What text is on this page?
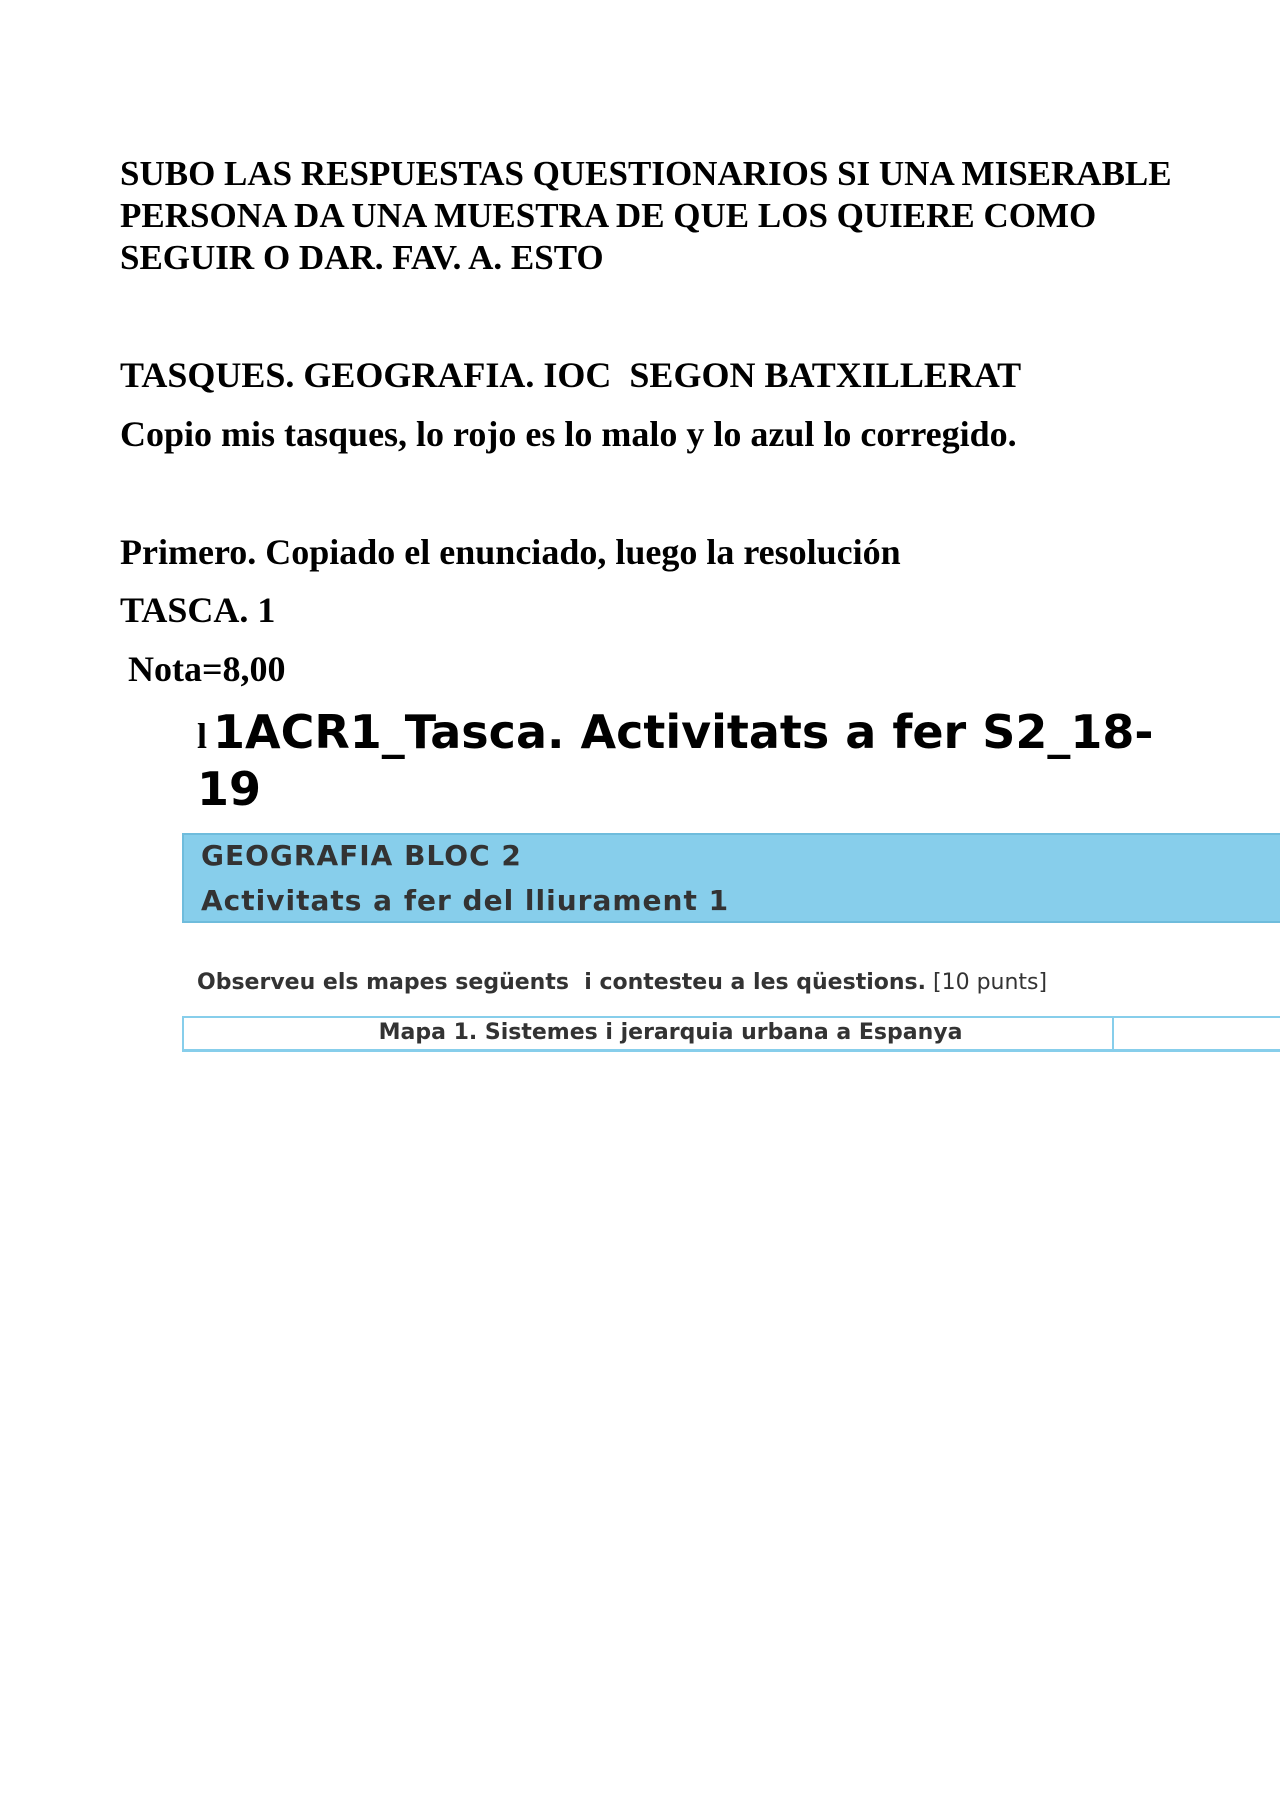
SUBO LAS RESPUESTAS QUESTIONARIOS SI UNA MISERABLE PERSONA DA UNA MUESTRA DE QUE LOS QUIERE COMO SEGUIR O DAR. FAV. A. ESTO

TASQUES. GEOGRAFIA. IOC  SEGON BATXILLERAT

Copio mis tasques, lo rojo es lo malo y lo azul lo corregido.

Primero. Copiado el enunciado, luego la resolución

TASCA. 1

Nota=8,00

l 1ACR1_Tasca. Activitats a fer S2_18-19

GEOGRAFIA BLOC 2

Activitats a fer del lliurament 1

Observeu els mapes següents  i contesteu a les qüestions. [10 punts]

Mapa 1. Sistemes i jerarquia urbana a Espanya
